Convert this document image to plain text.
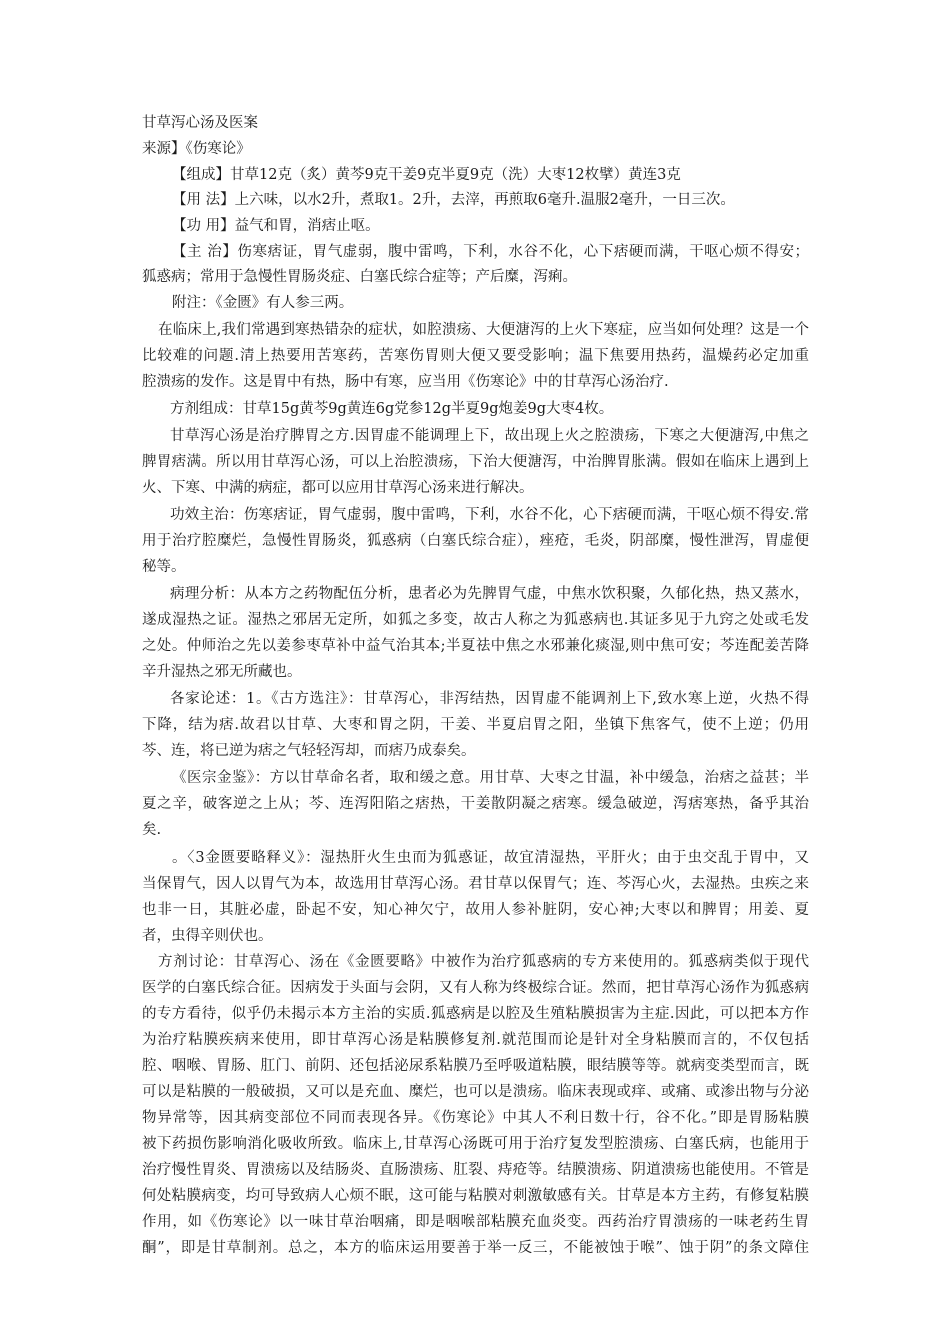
甘草泻心汤及医案
来源】《伤寒论》
【组成】甘草12克（炙）黄芩9克干姜9克半夏9克（洗）大枣12枚擘）黄连3克
【用 法】上六味，以水2升，煮取1。2升，去滓，再煎取6毫升.温服2毫升，一日三次。
【功 用】益气和胃，消痞止呕。
【主 治】伤寒痞证，胃气虚弱，腹中雷鸣，下利，水谷不化，心下痞硬而满，干呕心烦不得安；
狐惑病；常用于急慢性胃肠炎症、白塞氏综合症等；产后糜，泻痢。
附注：《金匮》有人参三两。
在临床上,我们常遇到寒热错杂的症状，如腔溃疡、大便溏泻的上火下寒症，应当如何处理？这是一个
比较难的问题.清上热要用苦寒药，苦寒伤胃则大便又要受影响；温下焦要用热药，温燥药必定加重
腔溃疡的发作。这是胃中有热，肠中有寒，应当用《伤寒论》中的甘草泻心汤治疗.
方剂组成：甘草15g黄芩9g黄连6g党参12g半夏9g炮姜9g大枣4枚。
甘草泻心汤是治疗脾胃之方.因胃虚不能调理上下，故出现上火之腔溃疡，下寒之大便溏泻,中焦之
脾胃痞满。所以用甘草泻心汤，可以上治腔溃疡，下治大便溏泻，中治脾胃胀满。假如在临床上遇到上
火、下寒、中满的病症，都可以应用甘草泻心汤来进行解决。
功效主治：伤寒痞证，胃气虚弱，腹中雷鸣，下利，水谷不化，心下痞硬而满，干呕心烦不得安.常
用于治疗腔糜烂，急慢性胃肠炎，狐惑病（白塞氏综合症），痤疮，毛炎，阴部糜，慢性泄泻，胃虚便
秘等。
病理分析：从本方之药物配伍分析，患者必为先脾胃气虚，中焦水饮积聚，久郁化热，热又蒸水，
遂成湿热之证。湿热之邪居无定所，如狐之多变，故古人称之为狐惑病也.其证多见于九窍之处或毛发
之处。仲师治之先以姜参枣草补中益气治其本;半夏祛中焦之水邪兼化痰湿,则中焦可安；芩连配姜苦降
辛升湿热之邪无所藏也。
各家论述：1。《古方选注》：甘草泻心，非泻结热，因胃虚不能调剂上下,致水寒上逆，火热不得
下降，结为痞.故君以甘草、大枣和胃之阴，干姜、半夏启胃之阳，坐镇下焦客气，使不上逆；仍用
芩、连，将已逆为痞之气轻轻泻却，而痞乃成泰矣。
《医宗金鉴》：方以甘草命名者，取和缓之意。用甘草、大枣之甘温，补中缓急，治痞之益甚；半
夏之辛，破客逆之上从；芩、连泻阳陷之痞热，干姜散阴凝之痞寒。缓急破逆，泻痞寒热，备乎其治
矣.
。〈3金匮要略释义》：湿热肝火生虫而为狐惑证，故宜清湿热，平肝火；由于虫交乱于胃中，又
当保胃气，因人以胃气为本，故选用甘草泻心汤。君甘草以保胃气；连、芩泻心火，去湿热。虫疾之来
也非一日，其脏必虚，卧起不安，知心神欠宁，故用人参补脏阴，安心神;大枣以和脾胃；用姜、夏
者，虫得辛则伏也。
方剂讨论：甘草泻心、汤在《金匮要略》中被作为治疗狐惑病的专方来使用的。狐惑病类似于现代
医学的白塞氏综合征。因病发于头面与会阴，又有人称为终极综合证。然而，把甘草泻心汤作为狐惑病
的专方看待，似乎仍未揭示本方主治的实质.狐惑病是以腔及生殖粘膜损害为主症.因此，可以把本方作
为治疗粘膜疾病来使用，即甘草泻心汤是粘膜修复剂.就范围而论是针对全身粘膜而言的，不仅包括
腔、咽喉、胃肠、肛门、前阴、还包括泌尿系粘膜乃至呼吸道粘膜，眼结膜等等。就病变类型而言，既
可以是粘膜的一般破损，又可以是充血、糜烂，也可以是溃疡。临床表现或痒、或痛、或渗出物与分泌
物异常等，因其病变部位不同而表现各异。《伤寒论》中其人不利日数十行，谷不化。”即是胃肠粘膜
被下药损伤影响消化吸收所致。临床上,甘草泻心汤既可用于治疗复发型腔溃疡、白塞氏病，也能用于
治疗慢性胃炎、胃溃疡以及结肠炎、直肠溃疡、肛裂、痔疮等。结膜溃疡、阴道溃疡也能使用。不管是
何处粘膜病变，均可导致病人心烦不眠，这可能与粘膜对刺激敏感有关。甘草是本方主药，有修复粘膜
作用，如《伤寒论》以一味甘草治咽痛，即是咽喉部粘膜充血炎变。西药治疗胃溃疡的一味老药生胃
酮”，即是甘草制剂。总之，本方的临床运用要善于举一反三，不能被蚀于喉”、蚀于阴”的条文障住
